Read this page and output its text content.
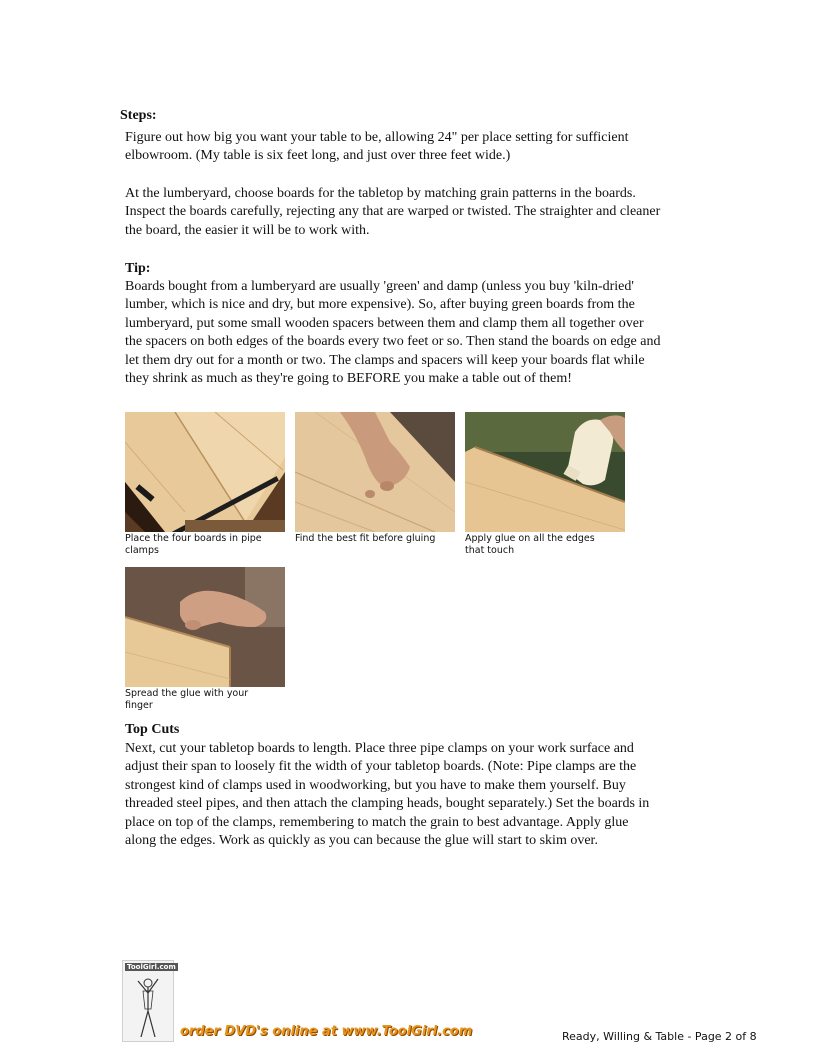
Steps:

Figure out how big you want your table to be, allowing 24" per place setting for sufficient

elbowroom. (My table is six feet long, and just over three feet wide.)

At the lumberyard, choose boards for the tabletop by matching grain patterns in the boards.

Inspect the boards carefully, rejecting any that are warped or twisted. The straighter and cleaner

the board, the easier it will be to work with.

Tip:

Boards bought from a lumberyard are usually 'green' and damp (unless you buy 'kiln-dried'

lumber, which is nice and dry, but more expensive). So, after buying green boards from the

lumberyard, put some small wooden spacers between them and clamp them all together over

the spacers on both edges of the boards every two feet or so. Then stand the boards on edge and

let them dry out for a month or two. The clamps and spacers will keep your boards flat while

they shrink as much as they're going to BEFORE you make a table out of them!

Place the four boards in pipe
clamps
Find the best fit before gluing	Apply glue on all the edges
that touch
Spread the glue with your
finger
Top Cuts

Next, cut your tabletop boards to length. Place three pipe clamps on your work surface and

adjust their span to loosely fit the width of your tabletop boards. (Note: Pipe clamps are the

strongest kind of clamps used in woodworking, but you have to make them yourself. Buy

threaded steel pipes, and then attach the clamping heads, bought separately.) Set the boards in

place on top of the clamps, remembering to match the grain to best advantage. Apply glue

along the edges. Work as quickly as you can because the glue will start to skim over.

ToolGirl.com
order DVD's online at www.ToolGirl.com	Ready, Willing & Table - Page 2 of 8
